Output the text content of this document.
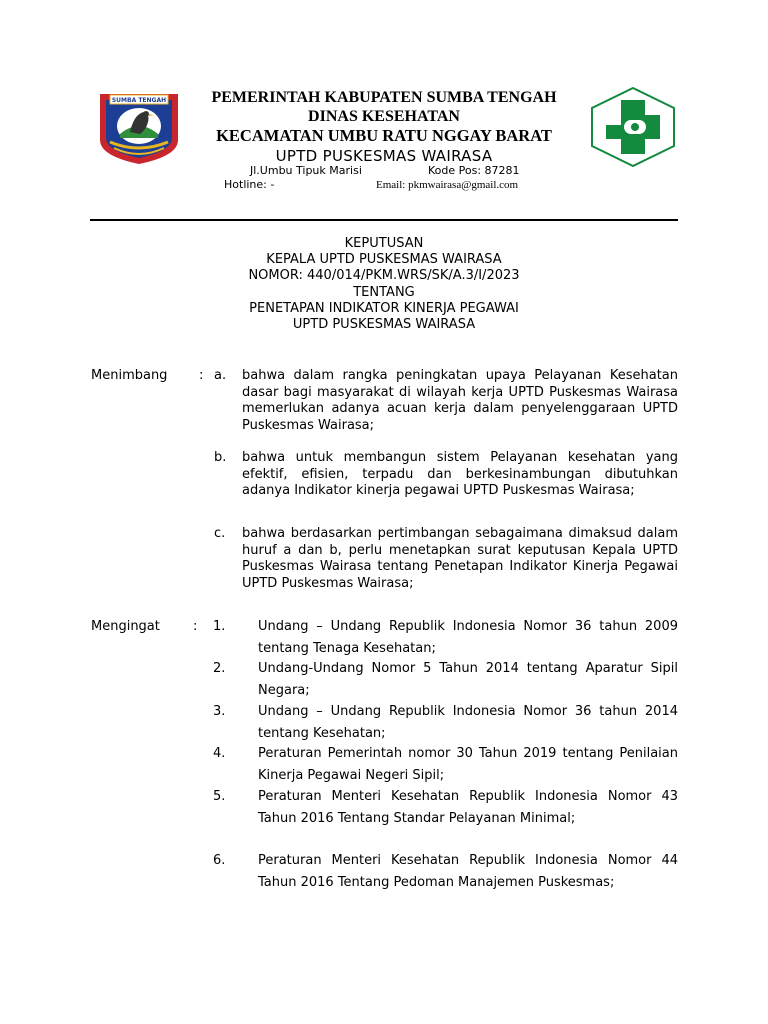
SUMBA TENGAH	PEMERINTAH KABUPATEN SUMBA TENGAH
DINAS KESEHATAN
KECAMATAN UMBU RATU NGGAY BARAT
UPTD PUSKESMAS WAIRASA
Jl.Umbu Tipuk Marisi	Kode Pos: 87281
Hotline: -	Email: pkmwairasa@gmail.com
KEPUTUSAN
KEPALA UPTD PUSKESMAS WAIRASA
NOMOR: 440/014/PKM.WRS/SK/A.3/I/2023
TENTANG
PENETAPAN INDIKATOR KINERJA PEGAWAI
UPTD PUSKESMAS WAIRASA
Menimbang : a. bahwa dalam rangka peningkatan upaya Pelayanan Kesehatan dasar bagi masyarakat di wilayah kerja UPTD Puskesmas Wairasa memerlukan adanya acuan kerja dalam penyelenggaraan UPTD Puskesmas Wairasa;

b. bahwa untuk membangun sistem Pelayanan kesehatan yang efektif, efisien, terpadu dan berkesinambungan dibutuhkan adanya Indikator kinerja pegawai UPTD Puskesmas Wairasa;

c. bahwa berdasarkan pertimbangan sebagaimana dimaksud dalam huruf a dan b, perlu menetapkan surat keputusan Kepala UPTD Puskesmas Wairasa tentang Penetapan Indikator Kinerja Pegawai UPTD Puskesmas Wairasa;

Mengingat	: 1.	Undang – Undang Republik Indonesia Nomor 36 tahun 2009 tentang Tenaga Kesehatan;

2.	Undang-Undang Nomor 5 Tahun 2014 tentang Aparatur Sipil Negara;

3.	Undang – Undang Republik Indonesia Nomor 36 tahun 2014 tentang Kesehatan;

4.	Peraturan Pemerintah nomor 30 Tahun 2019 tentang Penilaian Kinerja Pegawai Negeri Sipil;

5.	Peraturan Menteri Kesehatan Republik Indonesia Nomor 43 Tahun 2016 Tentang Standar Pelayanan Minimal;

6.	Peraturan Menteri Kesehatan Republik Indonesia Nomor 44 Tahun 2016 Tentang Pedoman Manajemen Puskesmas;
